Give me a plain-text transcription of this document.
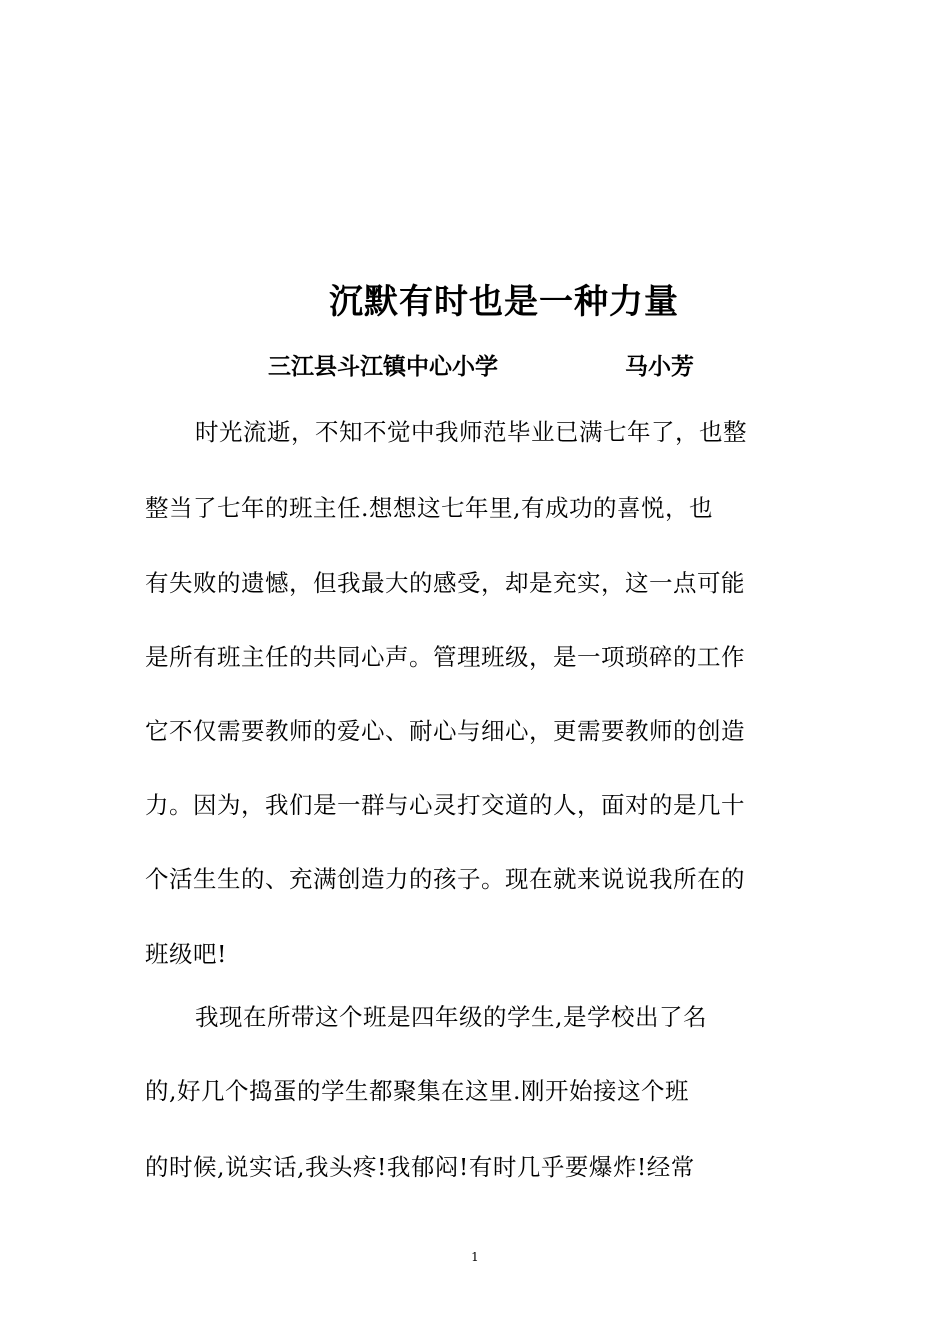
沉默有时也是一种力量
三江县斗江镇中心小学	马小芳
时光流逝，不知不觉中我师范毕业已满七年了，也整
整当了七年的班主任.想想这七年里,有成功的喜悦，也
有失败的遗憾，但我最大的感受，却是充实，这一点可能
是所有班主任的共同心声。管理班级，是一项琐碎的工作
它不仅需要教师的爱心、耐心与细心，更需要教师的创造
力。因为，我们是一群与心灵打交道的人，面对的是几十
个活生生的、充满创造力的孩子。现在就来说说我所在的
班级吧!
我现在所带这个班是四年级的学生,是学校出了名
的,好几个捣蛋的学生都聚集在这里.刚开始接这个班
的时候,说实话,我头疼!我郁闷!有时几乎要爆炸!经常
1
